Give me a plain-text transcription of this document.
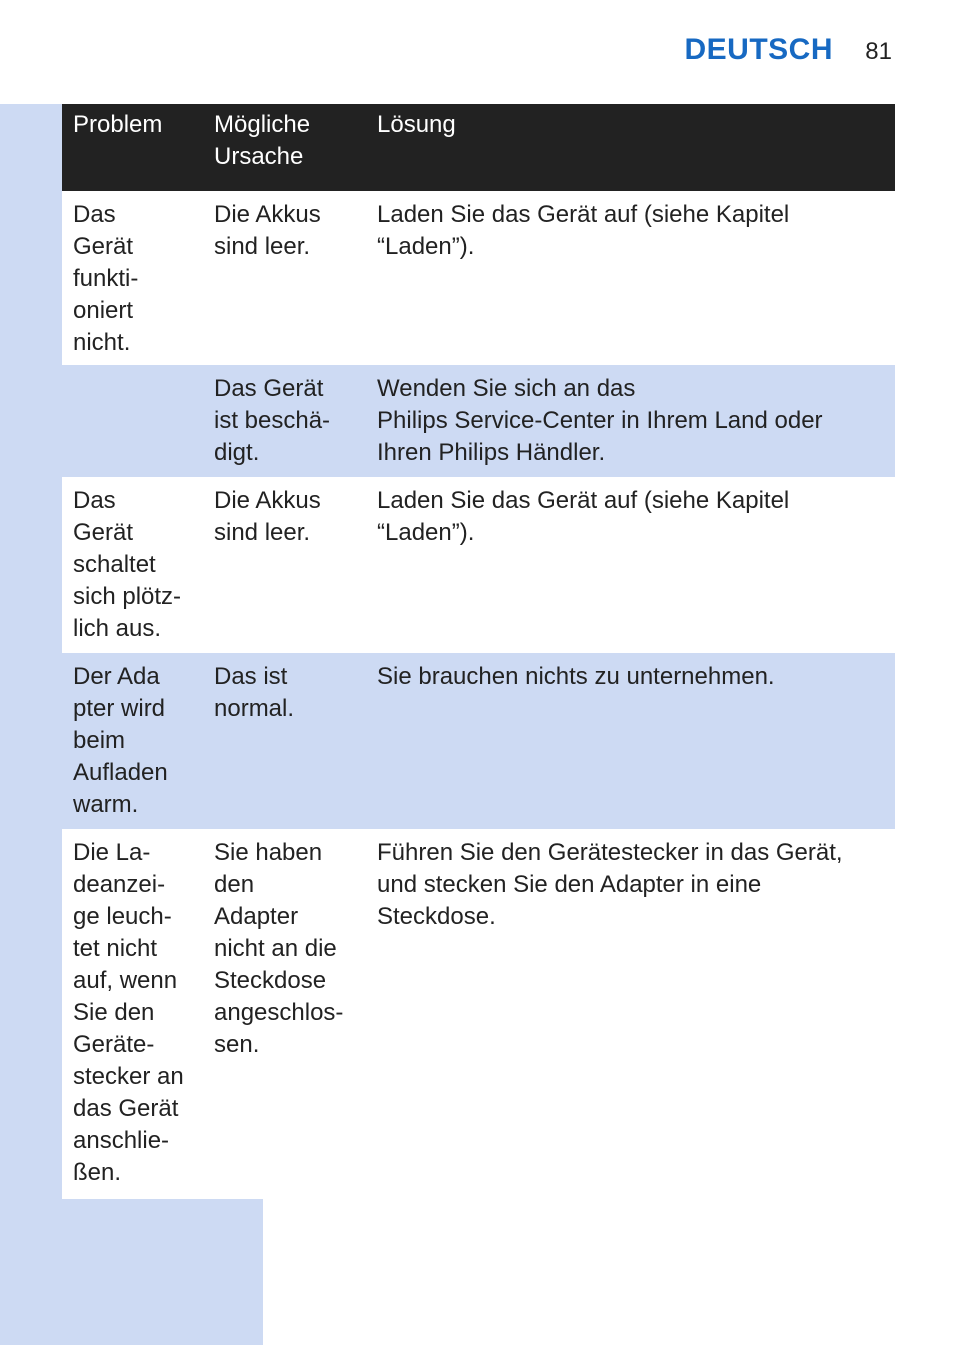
DEUTSCH	81
Problem	Mögliche
Ursache
Lösung
Das
Gerät
funkti-
oniert
nicht.
Die Akkus
sind leer.
Laden Sie das Gerät auf (siehe Kapitel
“Laden”).
Das Gerät
ist beschä-
digt.
Wenden Sie sich an das
Philips Service-Center in Ihrem Land oder
Ihren Philips Händler.
Das
Gerät
schaltet
sich plötz-
lich aus.
Die Akkus
sind leer.
Laden Sie das Gerät auf (siehe Kapitel
“Laden”).
Der Ada
pter wird
beim
Aufladen
warm.
Das ist
normal.
Sie brauchen nichts zu unternehmen.
Die La-
deanzei-
ge leuch-
tet nicht
auf, wenn
Sie den
Geräte-
stecker an
das Gerät
anschlie-
ßen.
Sie haben
den
Adapter
nicht an die
Steckdose
angeschlos-
sen.
Führen Sie den Gerätestecker in das Gerät,
und stecken Sie den Adapter in eine
Steckdose.
